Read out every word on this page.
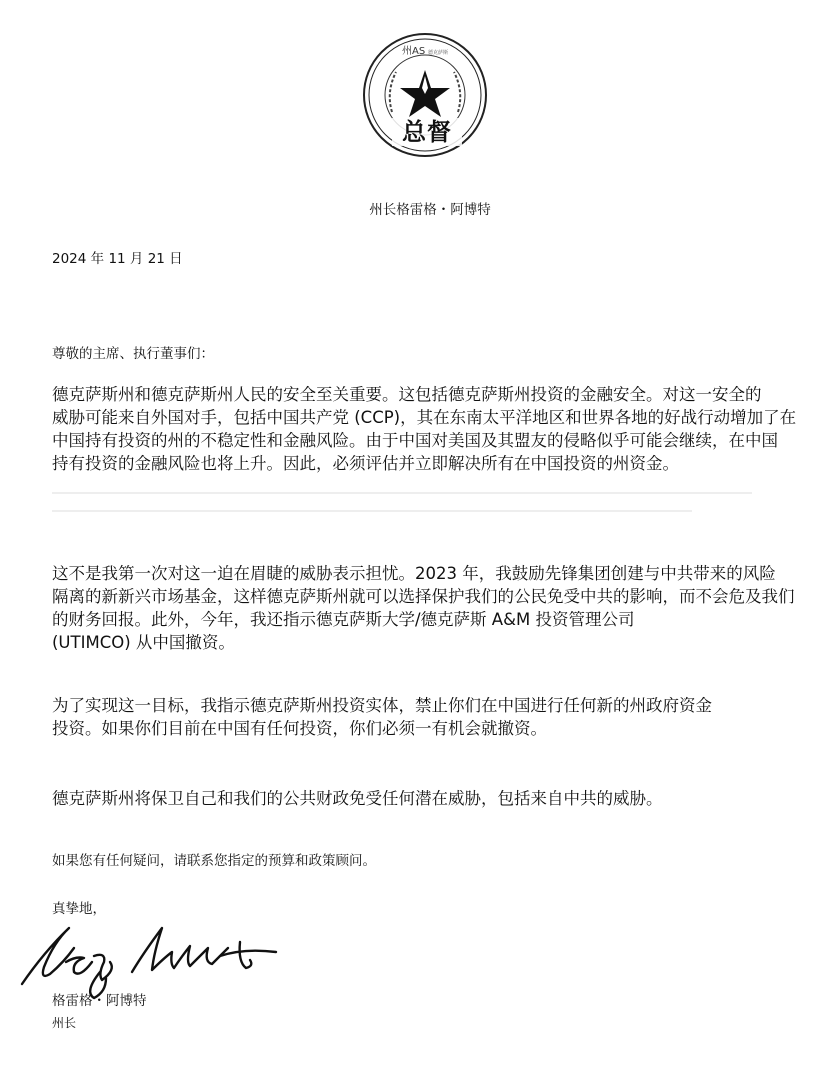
州AS 德克萨斯
总督
州长格雷格・阿博特
2024 年 11 月 21 日
尊敬的主席、执行董事们：
德克萨斯州和德克萨斯州人民的安全至关重要。这包括德克萨斯州投资的金融安全。对这一安全的
威胁可能来自外国对手，包括中国共产党 (CCP)，其在东南太平洋地区和世界各地的好战行动增加了在
中国持有投资的州的不稳定性和金融风险。由于中国对美国及其盟友的侵略似乎可能会继续，在中国
持有投资的金融风险也将上升。因此，必须评估并立即解决所有在中国投资的州资金。
这不是我第一次对这一迫在眉睫的威胁表示担忧。2023 年，我鼓励先锋集团创建与中共带来的风险
隔离的新新兴市场基金，这样德克萨斯州就可以选择保护我们的公民免受中共的影响，而不会危及我们
的财务回报。此外，今年，我还指示德克萨斯大学/德克萨斯 A&M 投资管理公司
(UTIMCO) 从中国撤资。
为了实现这一目标，我指示德克萨斯州投资实体，禁止你们在中国进行任何新的州政府资金
投资。如果你们目前在中国有任何投资，你们必须一有机会就撤资。
德克萨斯州将保卫自己和我们的公共财政免受任何潜在威胁，包括来自中共的威胁。
如果您有任何疑问，请联系您指定的预算和政策顾问。
真挚地，
格雷格・阿博特
州长
